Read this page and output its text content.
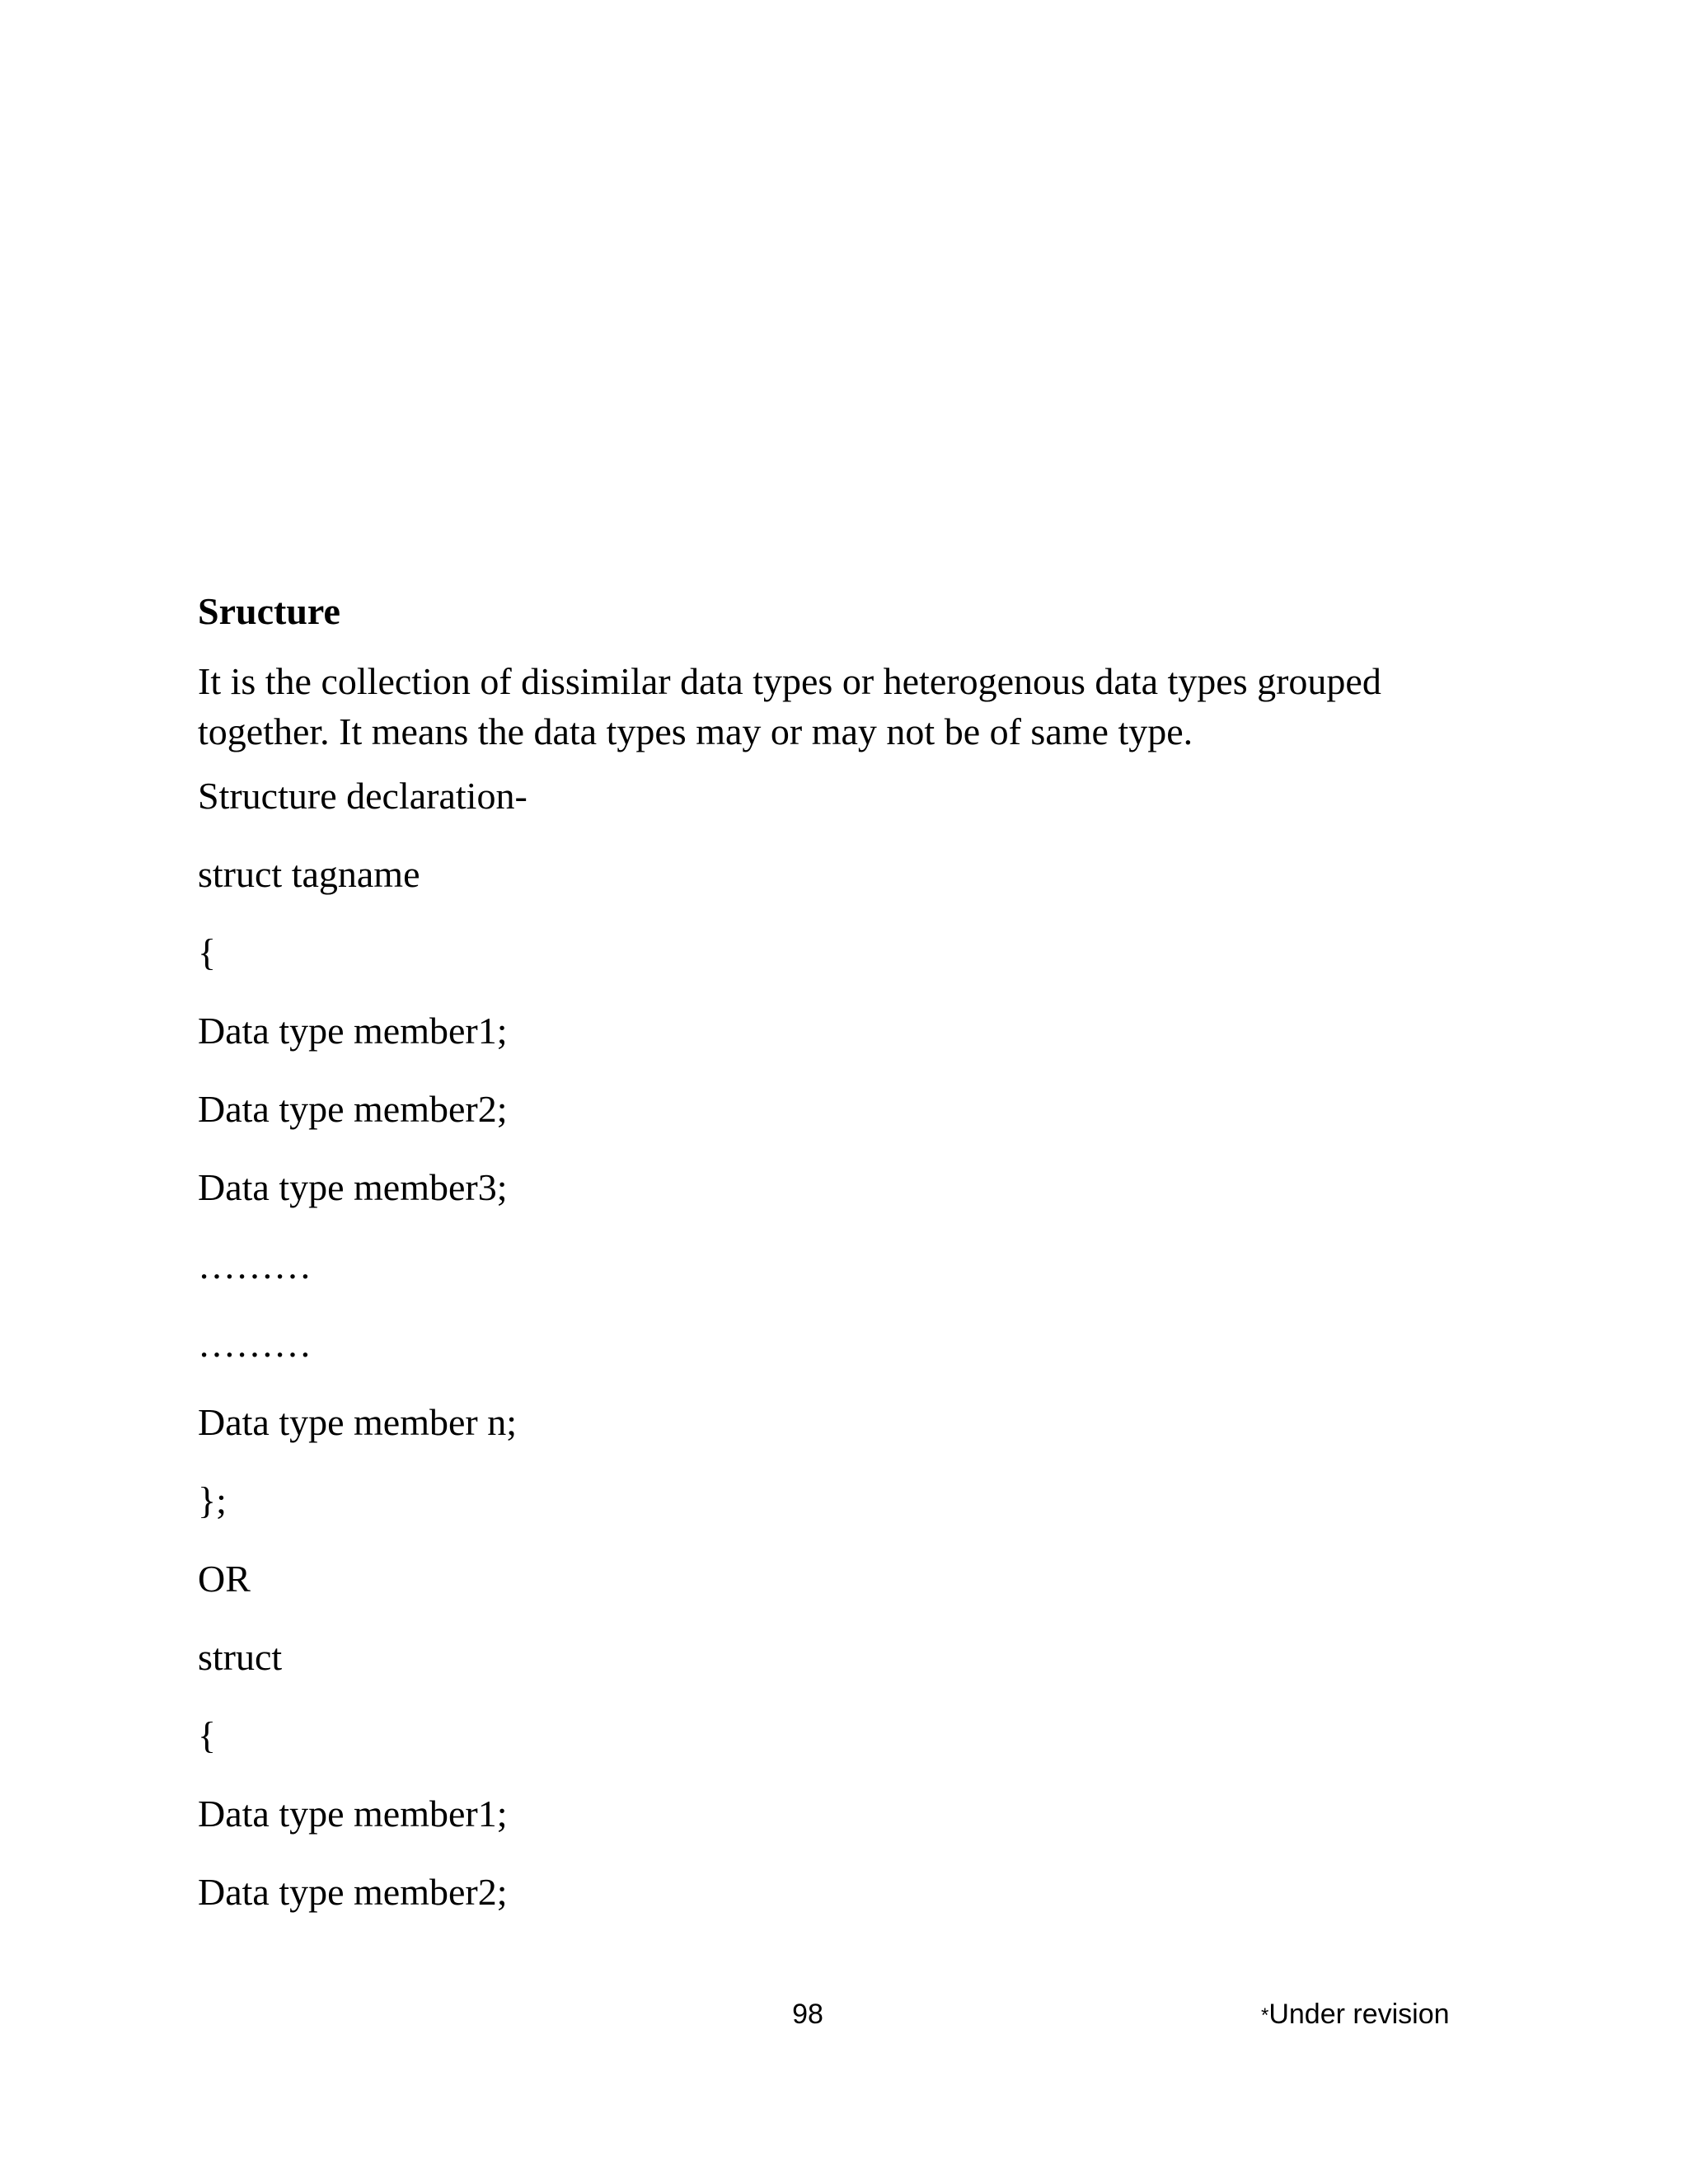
Sructure

It is the collection of dissimilar data types or heterogenous data types grouped together. It means the data types may or may not be of same type.

Structure declaration-

struct tagname

{

Data type member1;

Data type member2;

Data type member3;

………

………

Data type member n;

};

OR

struct

{

Data type member1;

Data type member2;

98	*Under revision
